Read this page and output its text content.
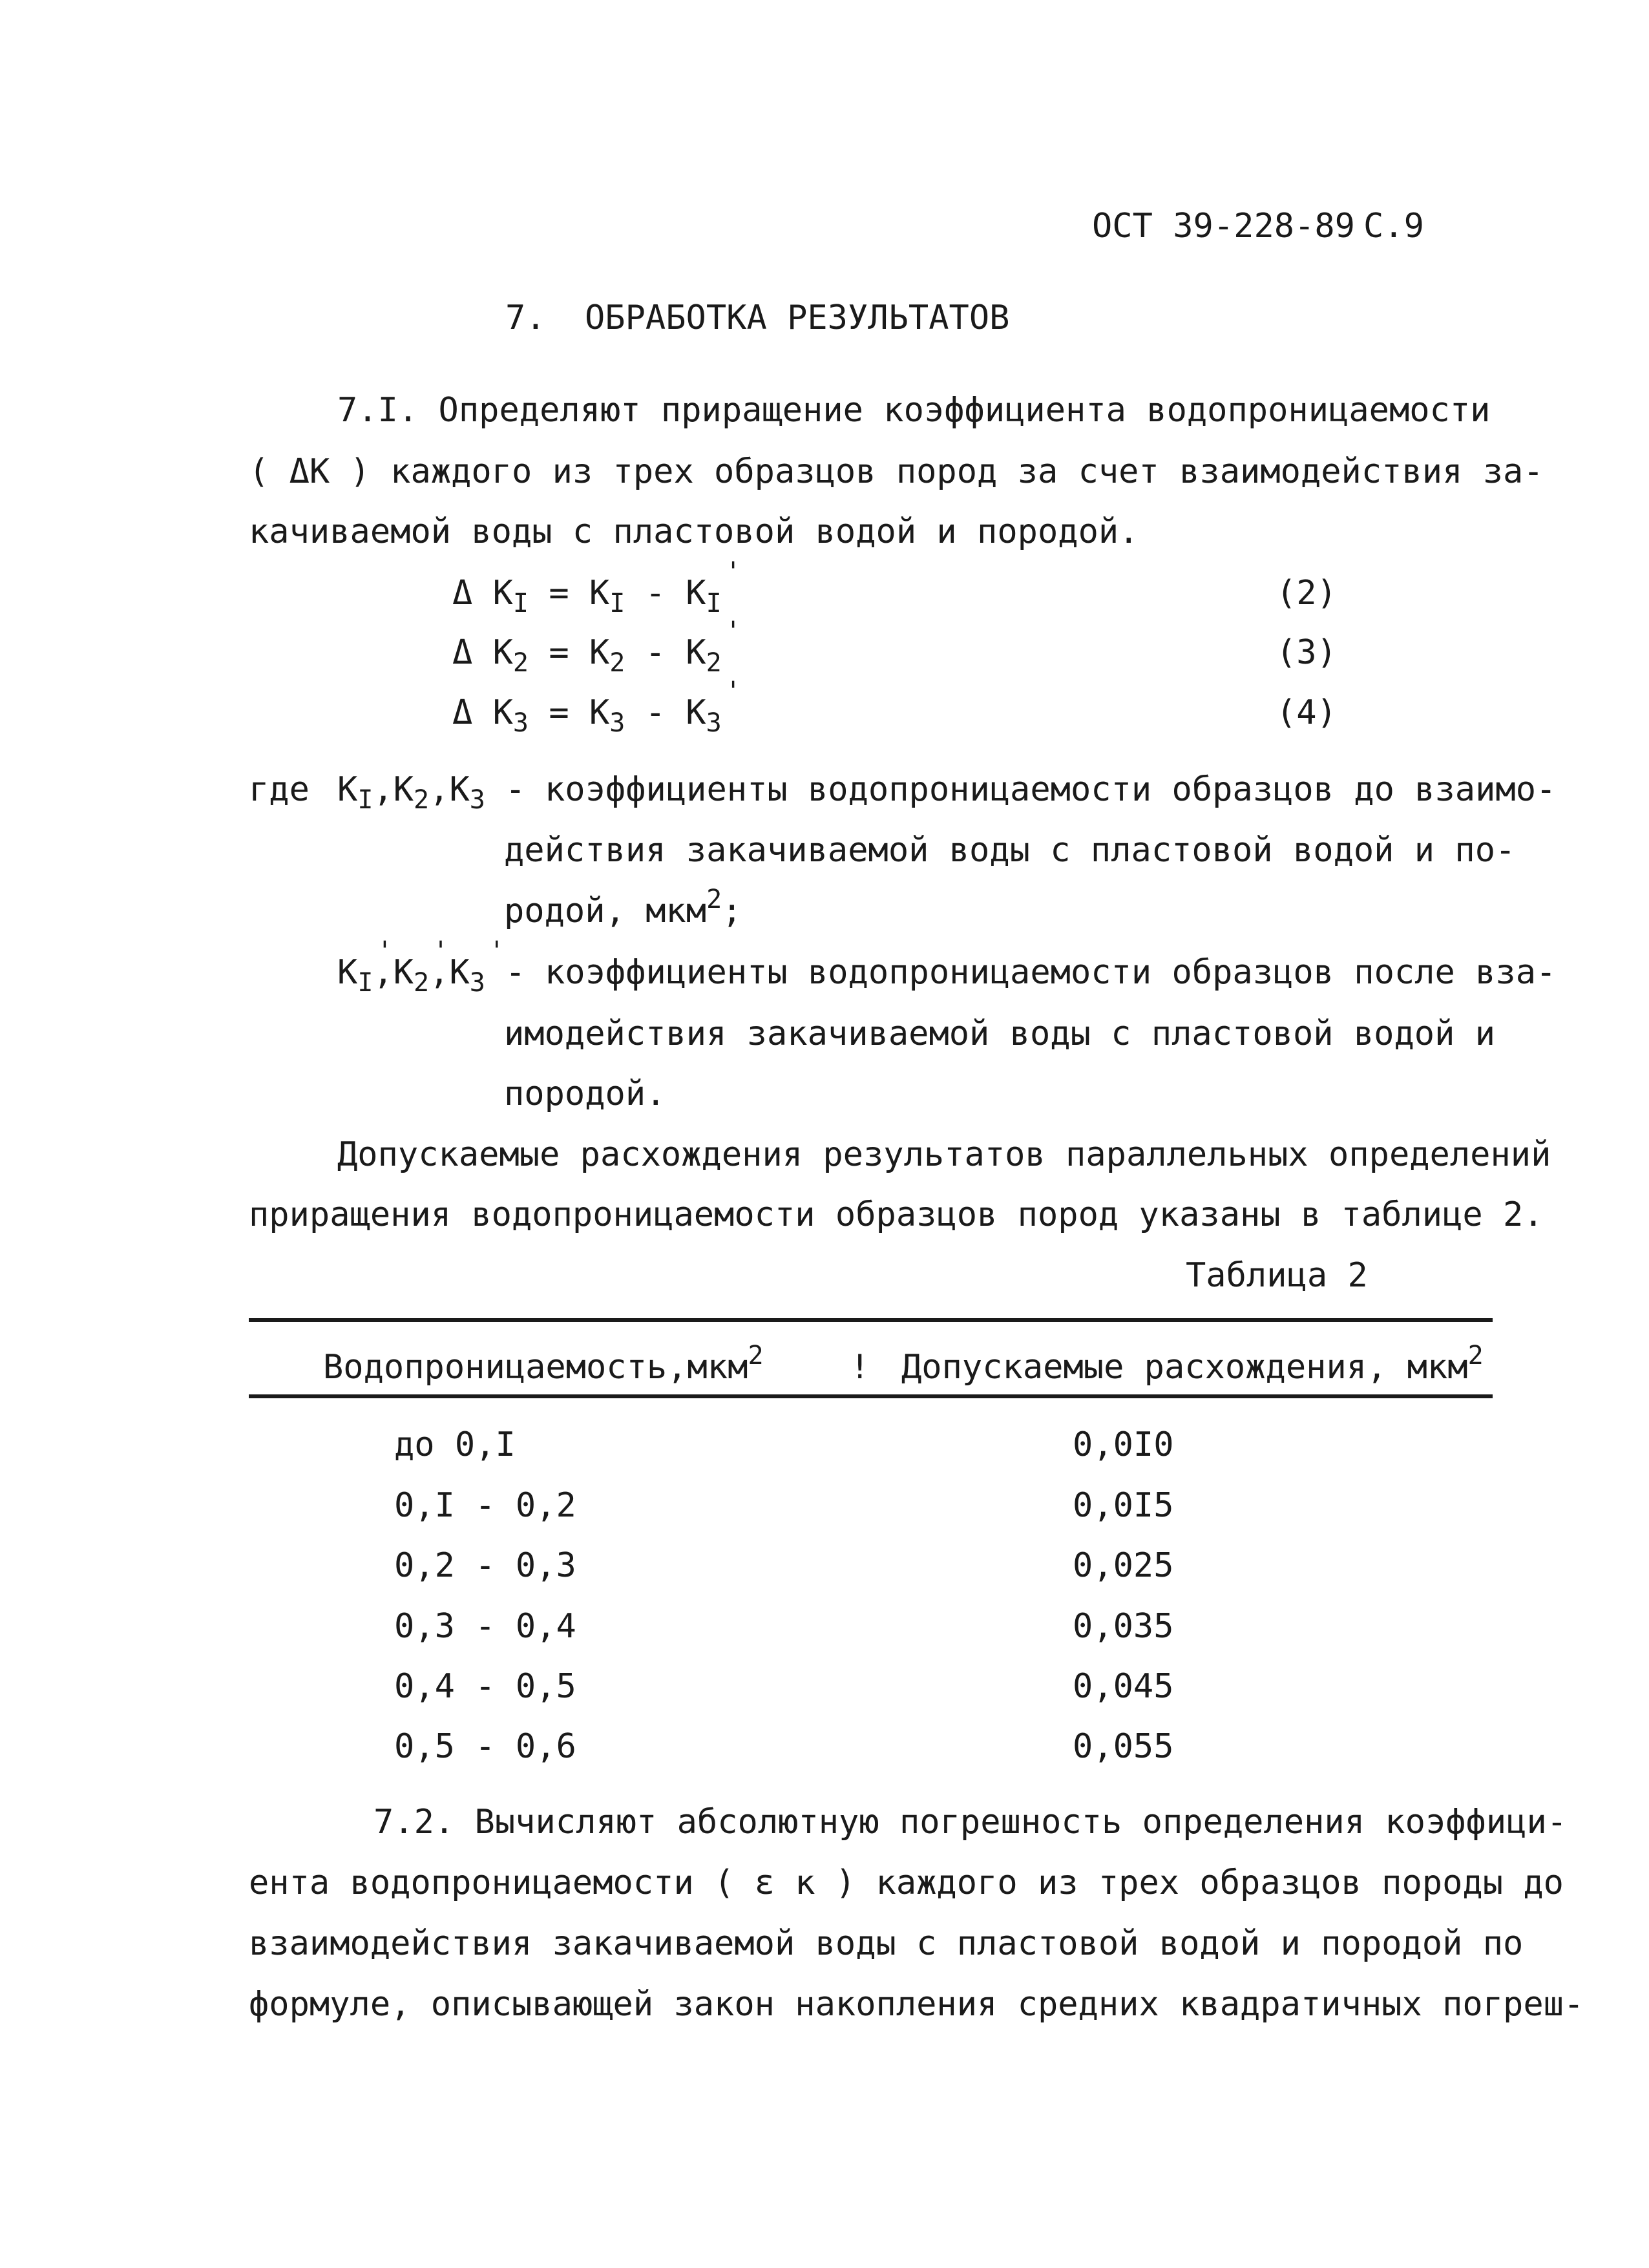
ОСТ 39-228-89 С.9
7. ОБРАБОТКА РЕЗУЛЬТАТОВ
7.I. Определяют приращение коэффициента водопроницаемости
( ΔК ) каждого из трех образцов пород за счет взаимодействия за-
качиваемой воды с пластовой водой и породой.
Δ $K_I = K_I - K_I$ '	(2)
Δ $K_2 = K_2 - K_2$ '	(3)
Δ $K_3 = K_3 - K_3$ '	(4)
где $K_I,K_2,K_3$ - коэффициенты водопроницаемости образцов до взаимо-
действия закачиваемой воды с пластовой водой и по-
родой, мкм$^2$;
$K_I$ '$,K_2$ '$,K_3$ ' - коэффициенты водопроницаемости образцов после вза-
имодействия закачиваемой воды с пластовой водой и
породой.
Допускаемые расхождения результатов параллельных определений
приращения водопроницаемости образцов пород указаны в таблице 2.
Таблица 2
Водопроницаемость,мкм$^2$	! Допускаемые расхождения, мкм$^2$
до 0,I	0,0I0
0,I - 0,2	0,0I5
0,2 - 0,3	0,025
0,3 - 0,4	0,035
0,4 - 0,5	0,045
0,5 - 0,6	0,055
7.2. Вычисляют абсолютную погрешность определения коэффици-
ента водопроницаемости ( ε к ) каждого из трех образцов породы до
взаимодействия закачиваемой воды с пластовой водой и породой по
формуле, описывающей закон накопления средних квадратичных погреш-
